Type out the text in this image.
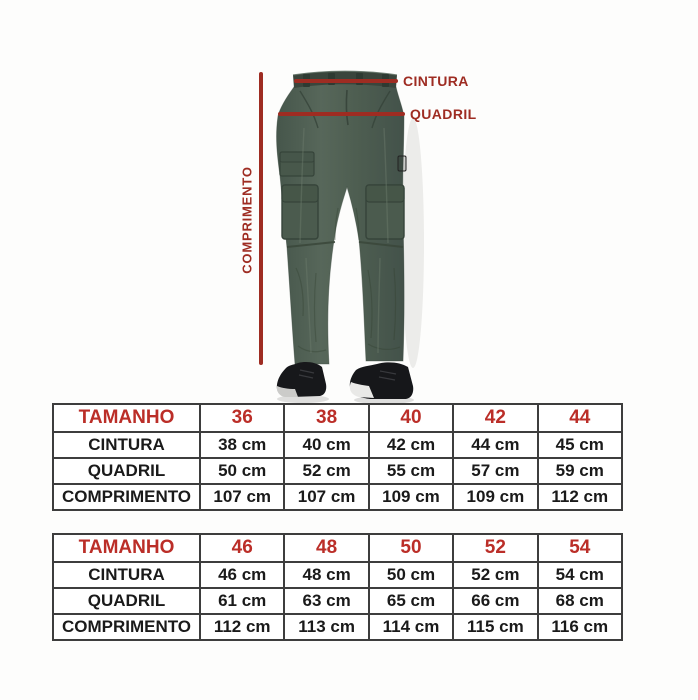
CINTURA
QUADRIL
COMPRIMENTO
TAMANHO	36	38	40	42	44
CINTURA	38 cm	40 cm	42 cm	44 cm	45 cm
QUADRIL	50 cm	52 cm	55 cm	57 cm	59 cm
COMPRIMENTO	107 cm	107 cm	109 cm	109 cm	112 cm
TAMANHO	46	48	50	52	54
CINTURA	46 cm	48 cm	50 cm	52 cm	54 cm
QUADRIL	61 cm	63 cm	65 cm	66 cm	68 cm
COMPRIMENTO	112 cm	113 cm	114 cm	115 cm	116 cm
